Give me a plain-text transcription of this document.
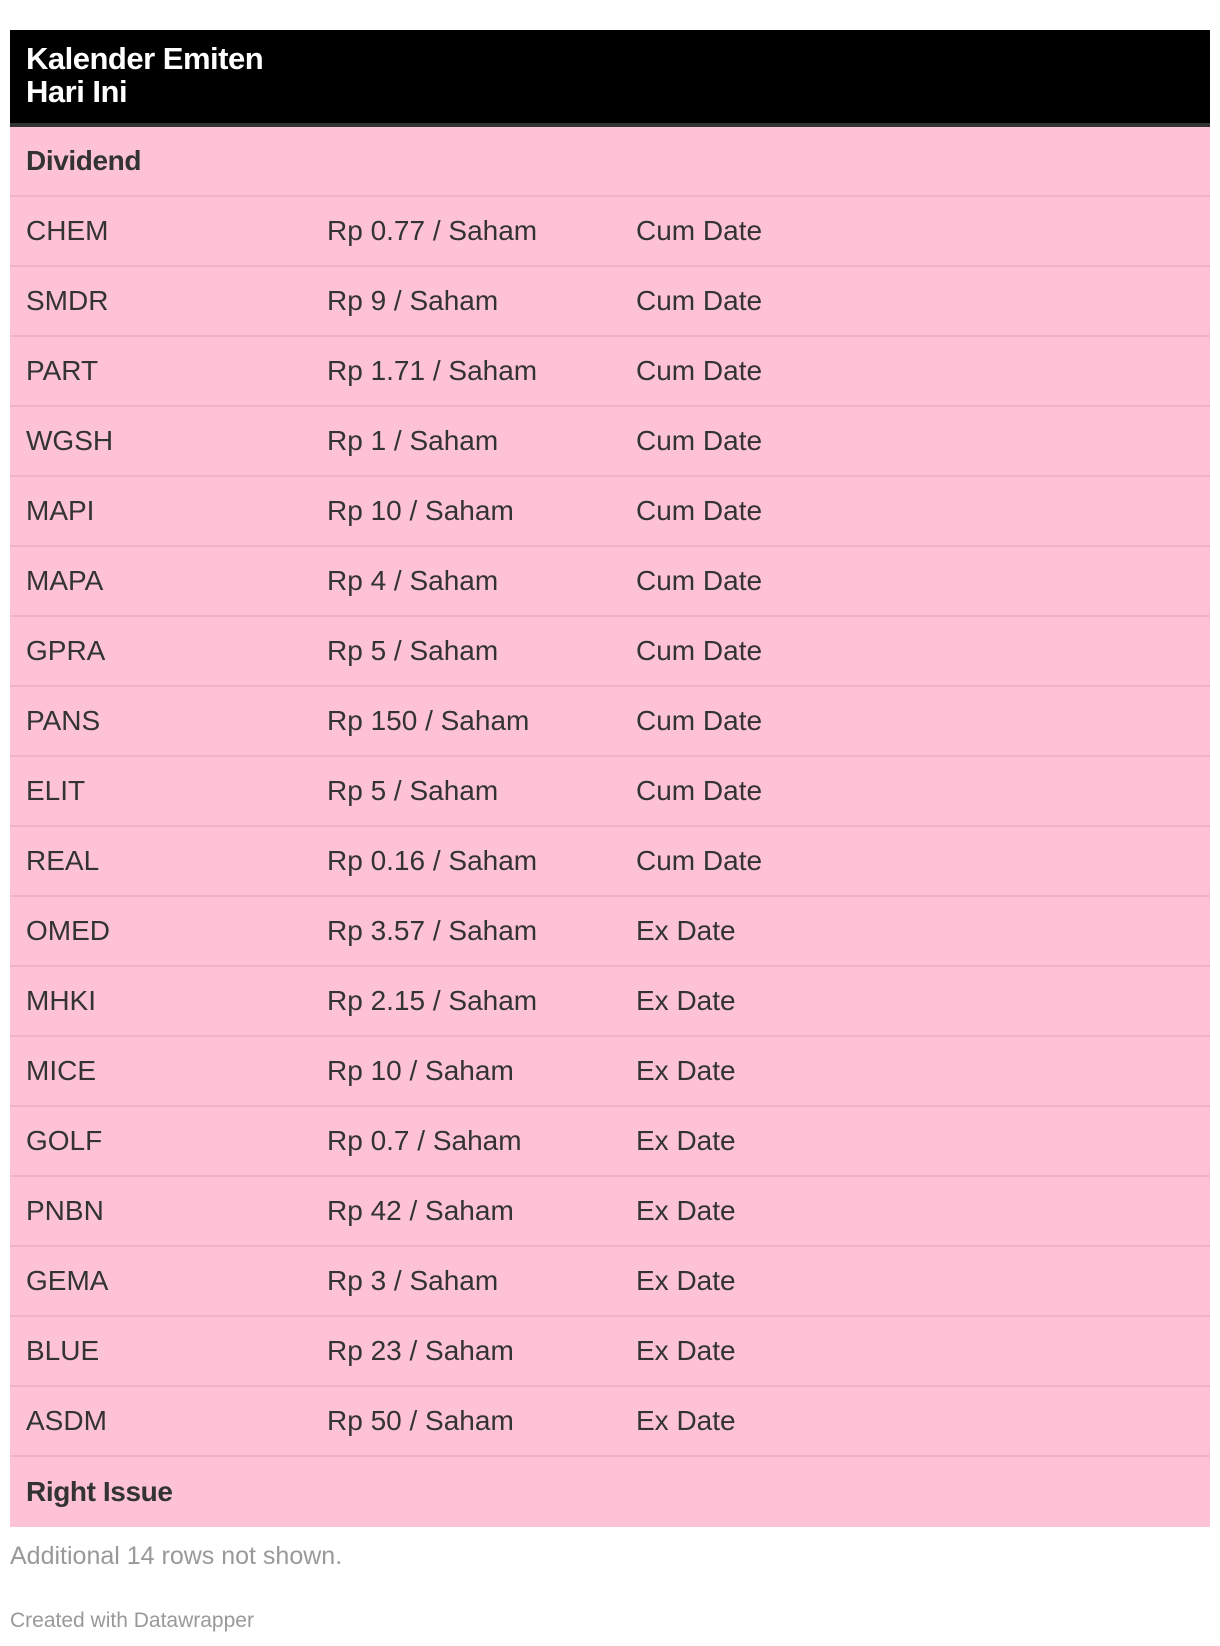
Kalender Emiten
Hari Ini
Dividend
CHEM	Rp 0.77 / Saham	Cum Date
SMDR	Rp 9 / Saham	Cum Date
PART	Rp 1.71 / Saham	Cum Date
WGSH	Rp 1 / Saham	Cum Date
MAPI	Rp 10 / Saham	Cum Date
MAPA	Rp 4 / Saham	Cum Date
GPRA	Rp 5 / Saham	Cum Date
PANS	Rp 150 / Saham	Cum Date
ELIT	Rp 5 / Saham	Cum Date
REAL	Rp 0.16 / Saham	Cum Date
OMED	Rp 3.57 / Saham	Ex Date
MHKI	Rp 2.15 / Saham	Ex Date
MICE	Rp 10 / Saham	Ex Date
GOLF	Rp 0.7 / Saham	Ex Date
PNBN	Rp 42 / Saham	Ex Date
GEMA	Rp 3 / Saham	Ex Date
BLUE	Rp 23 / Saham	Ex Date
ASDM	Rp 50 / Saham	Ex Date
Right Issue
Additional 14 rows not shown.
Created with Datawrapper
